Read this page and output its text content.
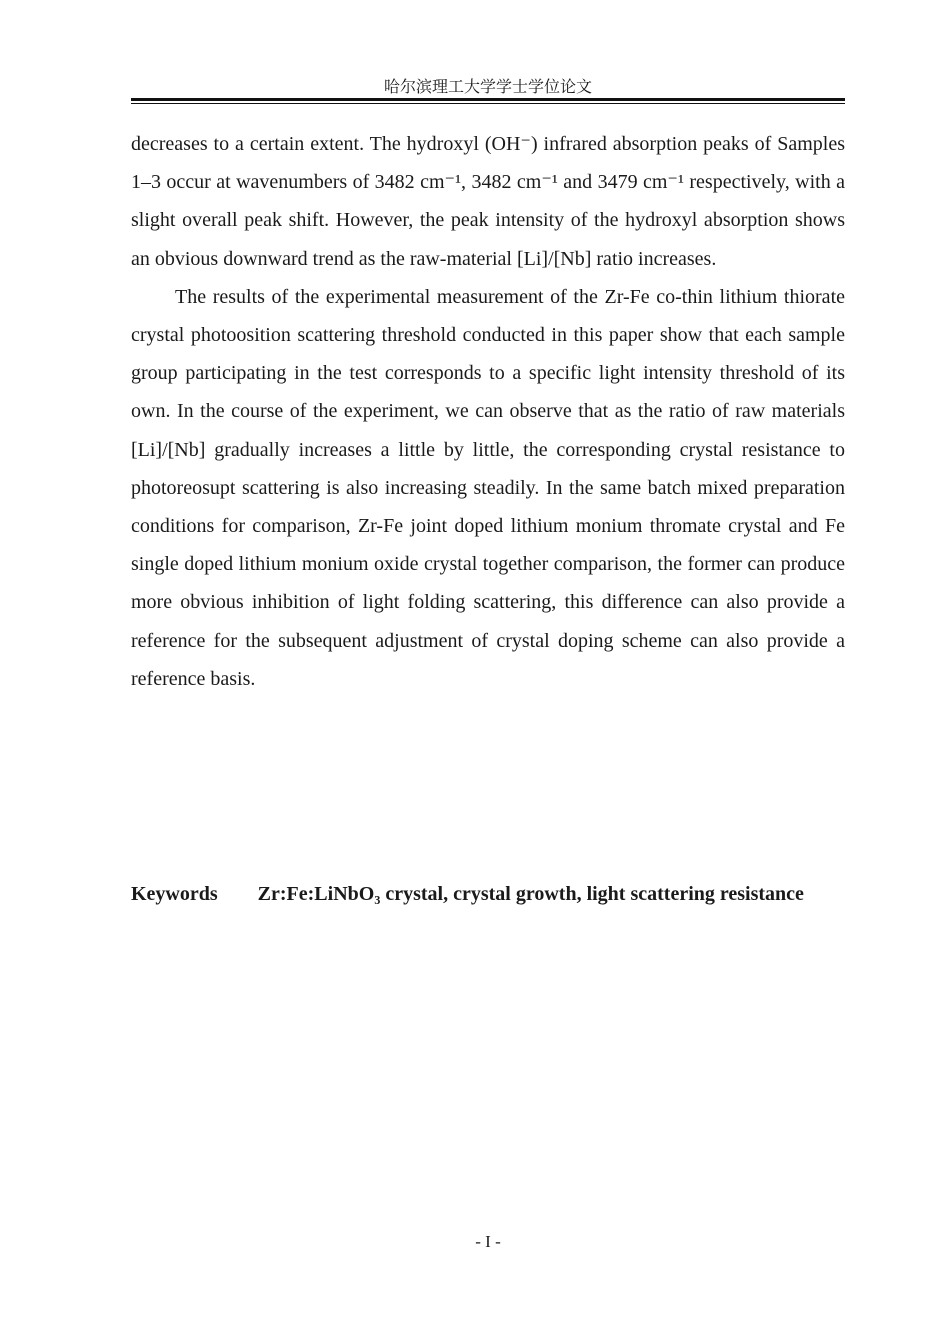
哈尔滨理工大学学士学位论文

decreases to a certain extent. The hydroxyl (OH⁻) infrared absorption peaks of Samples 1–3 occur at wavenumbers of 3482 cm⁻¹, 3482 cm⁻¹ and 3479 cm⁻¹ respectively, with a slight overall peak shift. However, the peak intensity of the hydroxyl absorption shows an obvious downward trend as the raw-material [Li]/[Nb] ratio increases.

The results of the experimental measurement of the Zr-Fe co-thin lithium thiorate crystal photoosition scattering threshold conducted in this paper show that each sample group participating in the test corresponds to a specific light intensity threshold of its own. In the course of the experiment, we can observe that as the ratio of raw materials [Li]/[Nb] gradually increases a little by little, the corresponding crystal resistance to photoreosupt scattering is also increasing steadily. In the same batch mixed preparation conditions for comparison, Zr-Fe joint doped lithium monium thromate crystal and Fe single doped lithium monium oxide crystal together comparison, the former can produce more obvious inhibition of light folding scattering, this difference can also provide a reference for the subsequent adjustment of crystal doping scheme can also provide a reference basis.

Keywords Zr:Fe:LiNbO₃ crystal, crystal growth, light scattering resistance
- I -
